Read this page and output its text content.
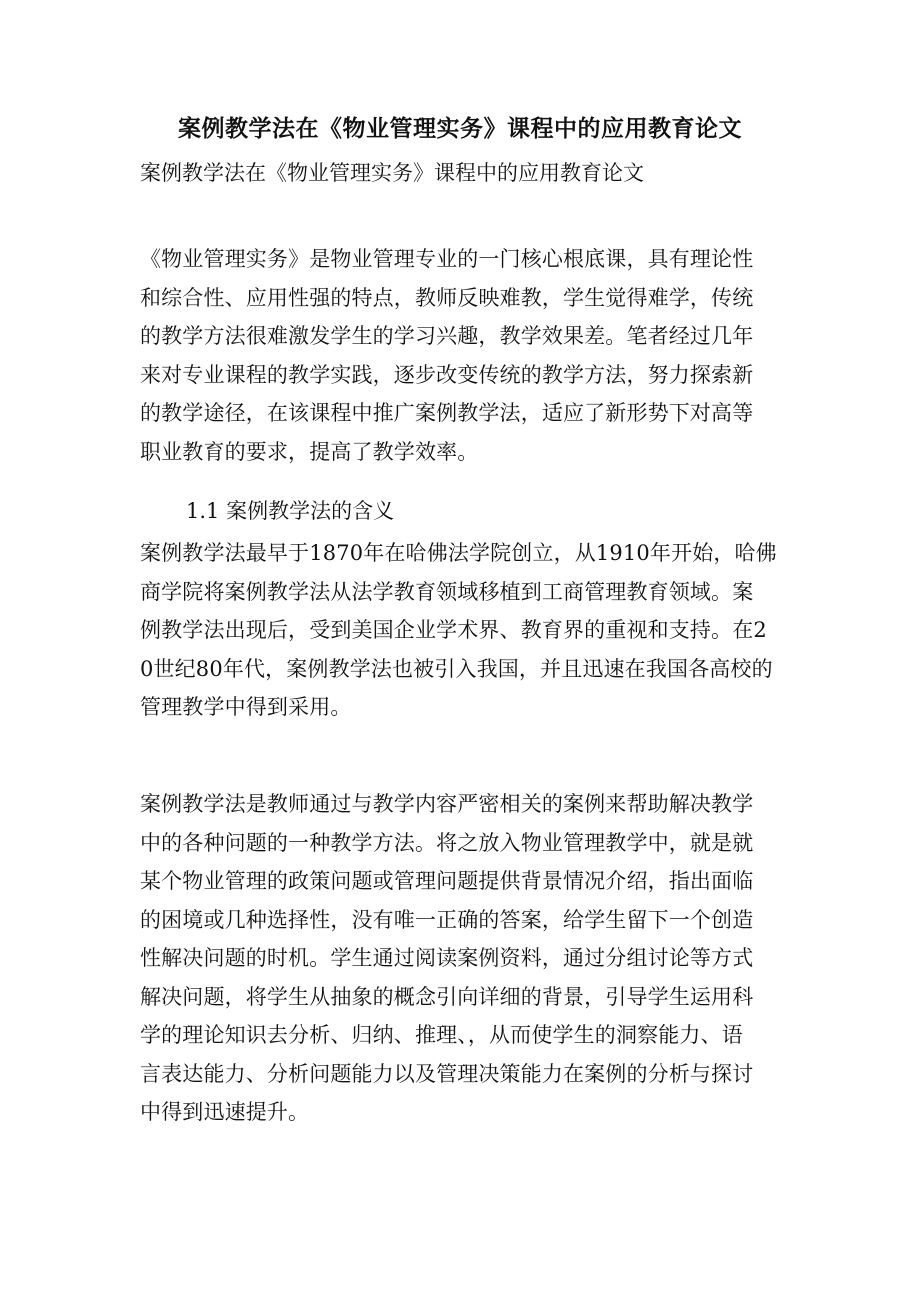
案例教学法在《物业管理实务》课程中的应用教育论文
案例教学法在《物业管理实务》课程中的应用教育论文
《物业管理实务》是物业管理专业的一门核心根底课，具有理论性
和综合性、应用性强的特点，教师反映难教，学生觉得难学，传统
的教学方法很难激发学生的学习兴趣，教学效果差。笔者经过几年
来对专业课程的教学实践，逐步改变传统的教学方法，努力探索新
的教学途径，在该课程中推广案例教学法，适应了新形势下对高等
职业教育的要求，提高了教学效率。
1.1 案例教学法的含义
案例教学法最早于1870年在哈佛法学院创立，从1910年开始，哈佛
商学院将案例教学法从法学教育领域移植到工商管理教育领域。案
例教学法出现后，受到美国企业学术界、教育界的重视和支持。在2
0世纪80年代，案例教学法也被引入我国，并且迅速在我国各高校的
管理教学中得到采用。
案例教学法是教师通过与教学内容严密相关的案例来帮助解决教学
中的各种问题的一种教学方法。将之放入物业管理教学中，就是就
某个物业管理的政策问题或管理问题提供背景情况介绍，指出面临
的困境或几种选择性，没有唯一正确的答案，给学生留下一个创造
性解决问题的时机。学生通过阅读案例资料，通过分组讨论等方式
解决问题，将学生从抽象的概念引向详细的背景，引导学生运用科
学的理论知识去分析、归纳、推理、，从而使学生的洞察能力、语
言表达能力、分析问题能力以及管理决策能力在案例的分析与探讨
中得到迅速提升。
